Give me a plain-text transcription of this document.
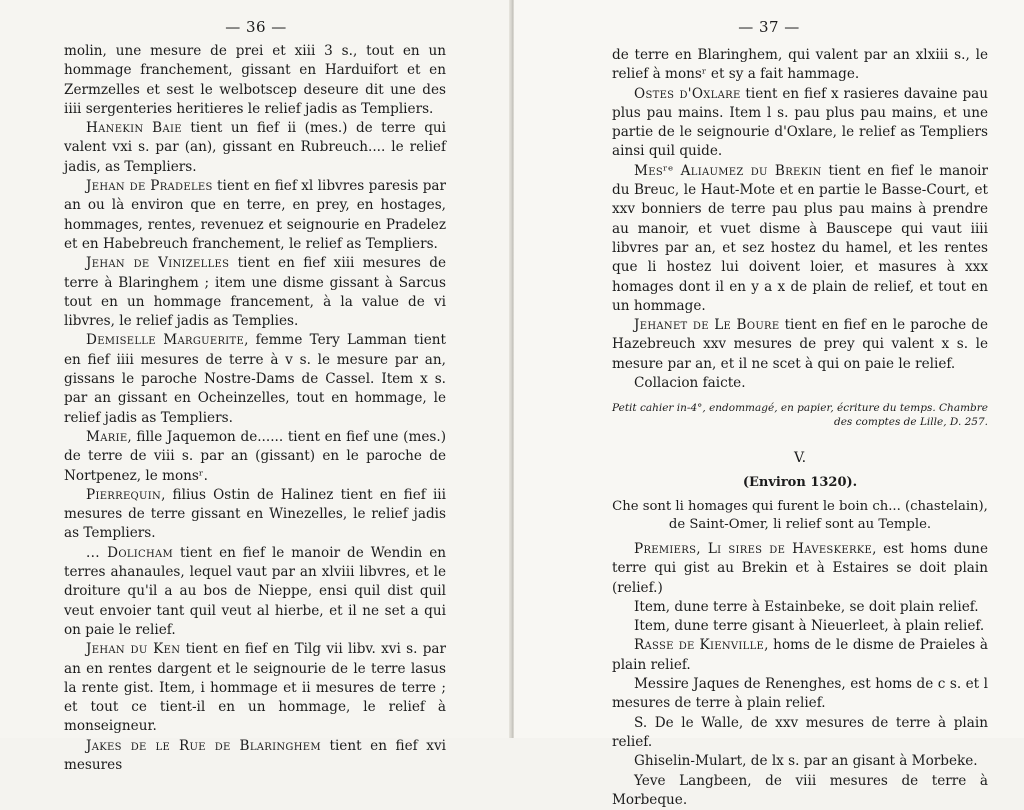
— 36 —

molin, une mesure de prei et xiii 3 s., tout en un hommage franchement, gissant en Harduifort et en Zermzelles et sest le welbotscep deseure dit une des iiii sergenteries heritieres le relief jadis as Templiers.

Hanekin Baie tient un fief ii (mes.) de terre qui valent vxi s. par (an), gissant en Rubreuch.... le relief jadis, as Templiers.

Jehan de Pradeles tient en fief xl libvres paresis par an ou là environ que en terre, en prey, en hostages, hommages, rentes, revenuez et seignourie en Pradelez et en Habebreuch franchement, le relief as Templiers.

Jehan de Vinizelles tient en fief xiii mesures de terre à Blaringhem ; item une disme gissant à Sarcus tout en un hommage francement, à la value de vi libvres, le relief jadis as Templies.

Demiselle Marguerite, femme Tery Lamman tient en fief iiii mesures de terre à v s. le mesure par an, gissans le paroche Nostre-Dams de Cassel. Item x s. par an gissant en Ocheinzelles, tout en hommage, le relief jadis as Templiers.

Marie, fille Jaquemon de...... tient en fief une (mes.) de terre de viii s. par an (gissant) en le paroche de Nortpenez, le monsʳ.

Pierrequin, filius Ostin de Halinez tient en fief iii mesures de terre gissant en Winezelles, le relief jadis as Templiers.

... Dolicham tient en fief le manoir de Wendin en terres ahanaules, lequel vaut par an xlviii libvres, et le droiture qu'il a au bos de Nieppe, ensi quil dist quil veut envoier tant quil veut al hierbe, et il ne set a qui on paie le relief.

Jehan du Ken tient en fief en Tilg vii libv. xvi s. par an en rentes dargent et le seignourie de le terre lasus la rente gist. Item, i hommage et ii mesures de terre ; et tout ce tient-il en un hommage, le relief à monseigneur.

Jakes de le Rue de Blaringhem tient en fief xvi mesures

— 37 —

de terre en Blaringhem, qui valent par an xlxiii s., le relief à monsʳ et sy a fait hammage.

Ostes d'Oxlare tient en fief x rasieres davaine pau plus pau mains. Item l s. pau plus pau mains, et une partie de le seignourie d'Oxlare, le relief as Templiers ainsi quil quide.

Mesʳᵉ Aliaumez du Brekin tient en fief le manoir du Breuc, le Haut-Mote et en partie le Basse-Court, et xxv bonniers de terre pau plus pau mains à prendre au manoir, et vuet disme à Bauscepe qui vaut iiii libvres par an, et sez hostez du hamel, et les rentes que li hostez lui doivent loier, et masures à xxx homages dont il en y a x de plain de relief, et tout en un hommage.

Jehanet de Le Boure tient en fief en le paroche de Hazebreuch xxv mesures de prey qui valent x s. le mesure par an, et il ne scet à qui on paie le relief.

Collacion faicte.

Petit cahier in-4°, endommagé, en papier, écriture du temps. Chambre des comptes de Lille, D. 257.

V.

(Environ 1320).

Che sont li homages qui furent le boin ch... (chastelain), de Saint-Omer, li relief sont au Temple.

Premiers, Li sires de Haveskerke, est homs dune terre qui gist au Brekin et à Estaires se doit plain (relief.)

Item, dune terre à Estainbeke, se doit plain relief.

Item, dune terre gisant à Nieuerleet, à plain relief.

Rasse de Kienville, homs de le disme de Praieles à plain relief.

Messire Jaques de Renenghes, est homs de c s. et l mesures de terre à plain relief.

S. De le Walle, de xxv mesures de terre à plain relief.

Ghiselin-Mulart, de lx s. par an gisant à Morbeke.

Yeve Langbeen, de viii mesures de terre à Morbeque.
